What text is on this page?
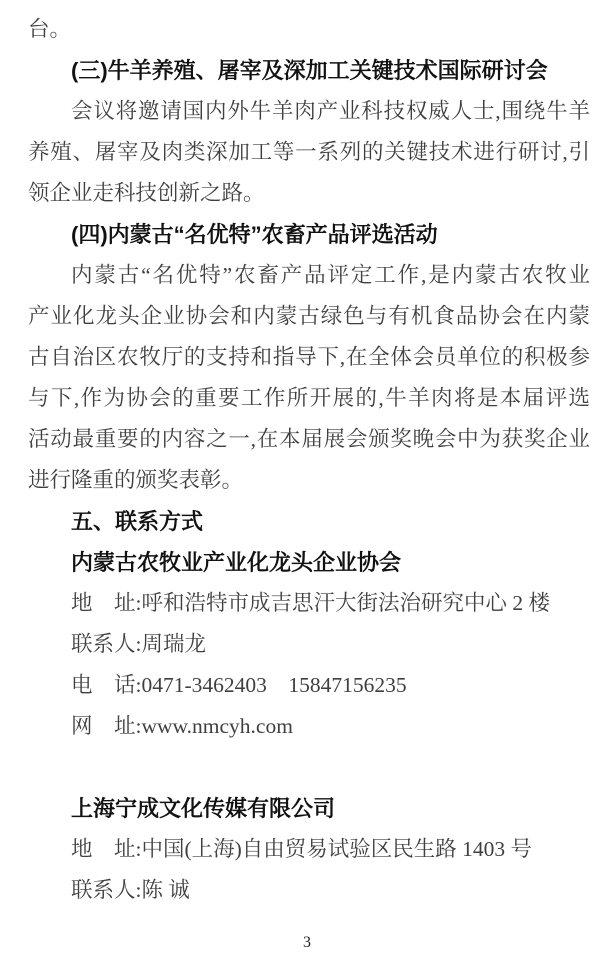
台。
(三)牛羊养殖、屠宰及深加工关键技术国际研讨会
会议将邀请国内外牛羊肉产业科技权威人士,围绕牛羊
养殖、屠宰及肉类深加工等一系列的关键技术进行研讨,引
领企业走科技创新之路。
(四)内蒙古“名优特”农畜产品评选活动
内蒙古“名优特”农畜产品评定工作,是内蒙古农牧业
产业化龙头企业协会和内蒙古绿色与有机食品协会在内蒙
古自治区农牧厅的支持和指导下,在全体会员单位的积极参
与下,作为协会的重要工作所开展的,牛羊肉将是本届评选
活动最重要的内容之一,在本届展会颁奖晚会中为获奖企业
进行隆重的颁奖表彰。
五、联系方式
内蒙古农牧业产业化龙头企业协会
地　址:呼和浩特市成吉思汗大街法治研究中心 2 楼
联系人:周瑞龙
电　话:0471-3462403　15847156235
网　址:www.nmcyh.com
上海宁成文化传媒有限公司
地　址:中国(上海)自由贸易试验区民生路 1403 号
联系人:陈 诚
3
